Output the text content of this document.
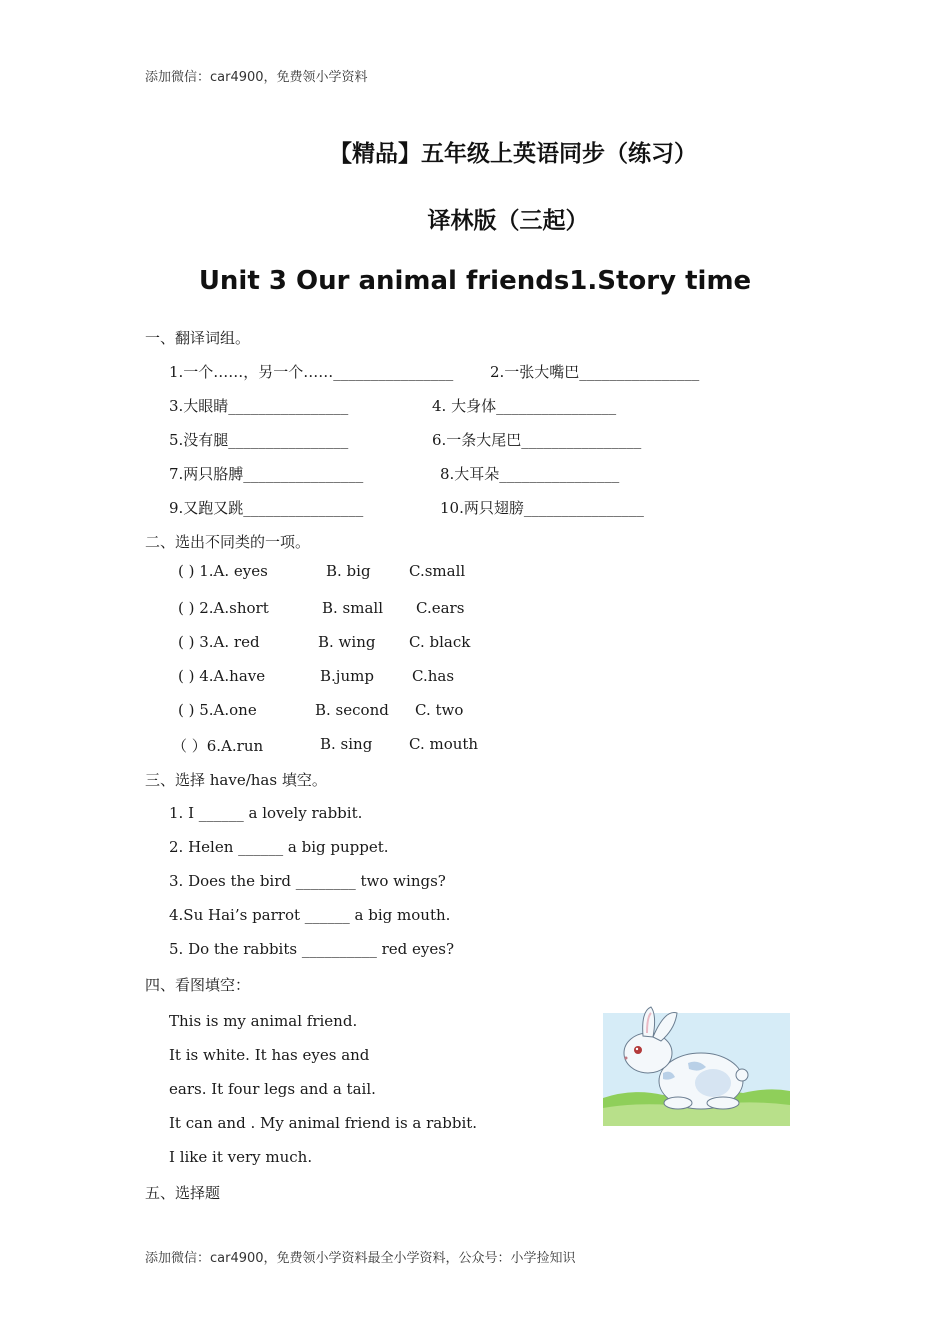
添加微信：car4900，免费领小学资料
【精品】五年级上英语同步（练习）
译林版（三起）
Unit 3 Our animal friends1.Story time
一、翻译词组。
1.一个……，另一个……________________ 2.一张大嘴巴________________
3.大眼睛________________	4. 大身体________________
5.没有腿________________	6.一条大尾巴________________
7.两只胳膊________________	8.大耳朵________________
9.又跑又跳________________	10.两只翅膀________________
二、选出不同类的一项。
( ) 1.A. eyes	B. big	C.small
( ) 2.A.short	B. small C.ears
( ) 3.A. red	B. wing C. black
( ) 4.A.have	B.jump	C.has
( ) 5.A.one	B. second C. two
（ ）6.A.run	B. sing C. mouth
三、选择 have/has 填空。
1. I ______ a lovely rabbit.
2. Helen ______ a big puppet.
3. Does the bird ________ two wings?
4.Su Hai’s parrot ______ a big mouth.
5. Do the rabbits __________ red eyes?
四、看图填空：
This is my animal friend.
It is white. It has eyes and
ears. It four legs and a tail.
It can and . My animal friend is a rabbit.
I like it very much.
五、选择题
添加微信：car4900，免费领小学资料最全小学资料，公众号：小学捡知识
